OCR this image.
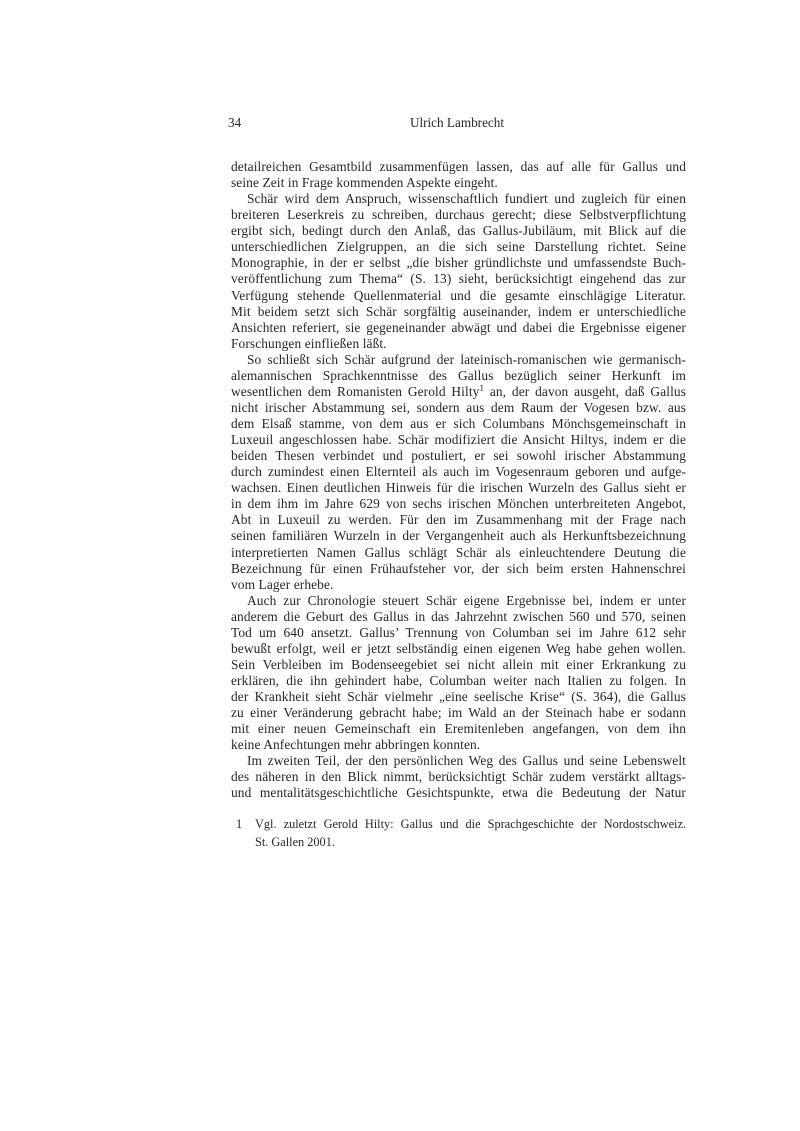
34	Ulrich Lambrecht
detailreichen Gesamtbild zusammenfügen lassen, das auf alle für Gallus und
seine Zeit in Frage kommenden Aspekte eingeht.
Schär wird dem Anspruch, wissenschaftlich fundiert und zugleich für einen
breiteren Leserkreis zu schreiben, durchaus gerecht; diese Selbstverpflichtung
ergibt sich, bedingt durch den Anlaß, das Gallus-Jubiläum, mit Blick auf die
unterschiedlichen Zielgruppen, an die sich seine Darstellung richtet. Seine
Monographie, in der er selbst „die bisher gründlichste und umfassendste Buch-
veröffentlichung zum Thema“ (S. 13) sieht, berücksichtigt eingehend das zur
Verfügung stehende Quellenmaterial und die gesamte einschlägige Literatur.
Mit beidem setzt sich Schär sorgfältig auseinander, indem er unterschiedliche
Ansichten referiert, sie gegeneinander abwägt und dabei die Ergebnisse eigener
Forschungen einfließen läßt.
So schließt sich Schär aufgrund der lateinisch-romanischen wie germanisch-
alemannischen Sprachkenntnisse des Gallus bezüglich seiner Herkunft im
wesentlichen dem Romanisten Gerold Hilty$^1$ an, der davon ausgeht, daß Gallus
nicht irischer Abstammung sei, sondern aus dem Raum der Vogesen bzw. aus
dem Elsaß stamme, von dem aus er sich Columbans Mönchsgemeinschaft in
Luxeuil angeschlossen habe. Schär modifiziert die Ansicht Hiltys, indem er die
beiden Thesen verbindet und postuliert, er sei sowohl irischer Abstammung
durch zumindest einen Elternteil als auch im Vogesenraum geboren und aufge-
wachsen. Einen deutlichen Hinweis für die irischen Wurzeln des Gallus sieht er
in dem ihm im Jahre 629 von sechs irischen Mönchen unterbreiteten Angebot,
Abt in Luxeuil zu werden. Für den im Zusammenhang mit der Frage nach
seinen familiären Wurzeln in der Vergangenheit auch als Herkunftsbezeichnung
interpretierten Namen Gallus schlägt Schär als einleuchtendere Deutung die
Bezeichnung für einen Frühaufsteher vor, der sich beim ersten Hahnenschrei
vom Lager erhebe.
Auch zur Chronologie steuert Schär eigene Ergebnisse bei, indem er unter
anderem die Geburt des Gallus in das Jahrzehnt zwischen 560 und 570, seinen
Tod um 640 ansetzt. Gallus’ Trennung von Columban sei im Jahre 612 sehr
bewußt erfolgt, weil er jetzt selbständig einen eigenen Weg habe gehen wollen.
Sein Verbleiben im Bodenseegebiet sei nicht allein mit einer Erkrankung zu
erklären, die ihn gehindert habe, Columban weiter nach Italien zu folgen. In
der Krankheit sieht Schär vielmehr „eine seelische Krise“ (S. 364), die Gallus
zu einer Veränderung gebracht habe; im Wald an der Steinach habe er sodann
mit einer neuen Gemeinschaft ein Eremitenleben angefangen, von dem ihn
keine Anfechtungen mehr abbringen konnten.
Im zweiten Teil, der den persönlichen Weg des Gallus und seine Lebenswelt
des näheren in den Blick nimmt, berücksichtigt Schär zudem verstärkt alltags-
und mentalitätsgeschichtliche Gesichtspunkte, etwa die Bedeutung der Natur
1 Vgl. zuletzt Gerold Hilty: Gallus und die Sprachgeschichte der Nordostschweiz.
St. Gallen 2001.
